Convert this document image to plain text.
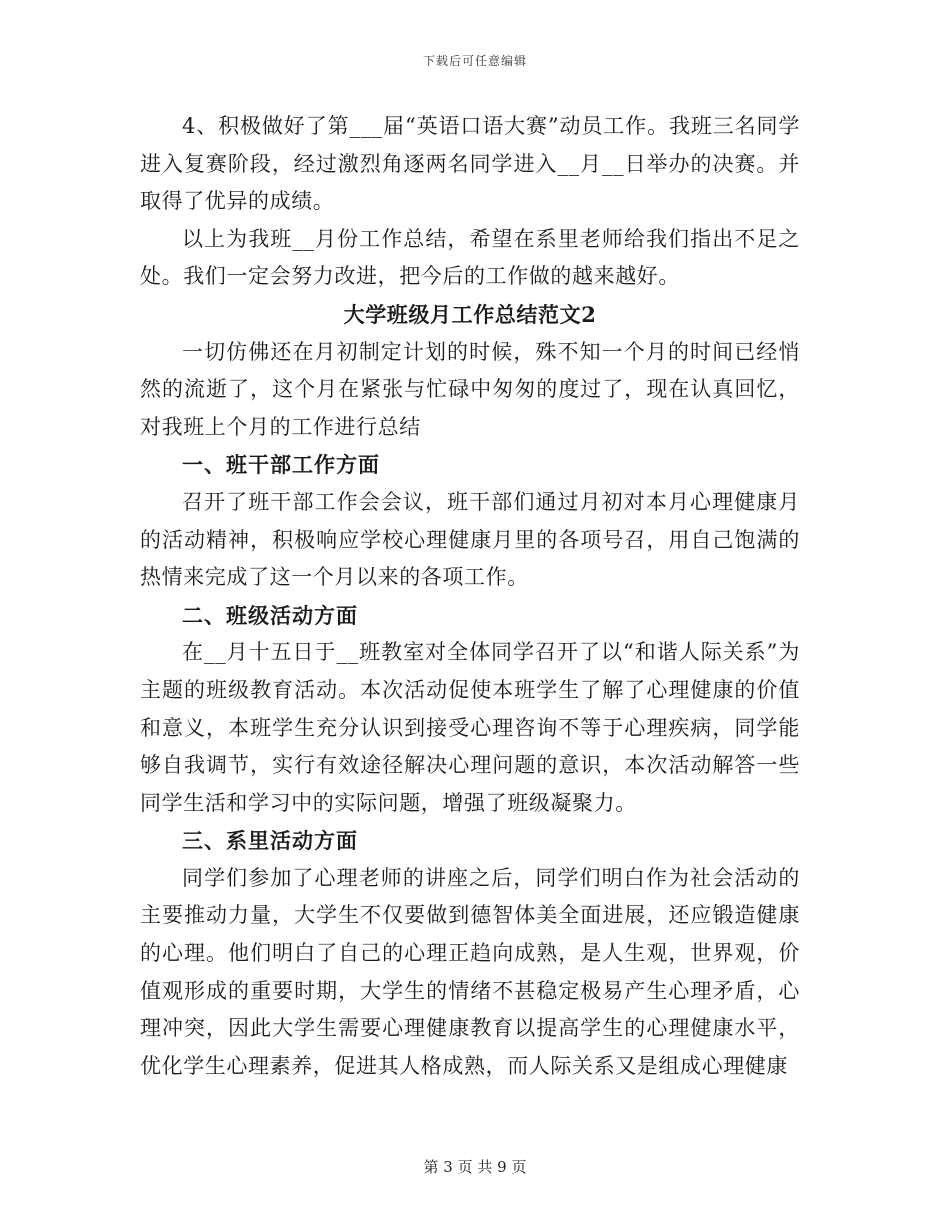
下载后可任意编辑

4、积极做好了第___届“英语口语大赛”动员工作。我班三名同学进入复赛阶段，经过激烈角逐两名同学进入__月__日举办的决赛。并取得了优异的成绩。

以上为我班__月份工作总结，希望在系里老师给我们指出不足之处。我们一定会努力改进，把今后的工作做的越来越好。

大学班级月工作总结范文2

一切仿佛还在月初制定计划的时候，殊不知一个月的时间已经悄然的流逝了，这个月在紧张与忙碌中匆匆的度过了，现在认真回忆，对我班上个月的工作进行总结

一、班干部工作方面

召开了班干部工作会会议，班干部们通过月初对本月心理健康月的活动精神，积极响应学校心理健康月里的各项号召，用自己饱满的热情来完成了这一个月以来的各项工作。

二、班级活动方面

在__月十五日于__班教室对全体同学召开了以“和谐人际关系”为主题的班级教育活动。本次活动促使本班学生了解了心理健康的价值和意义，本班学生充分认识到接受心理咨询不等于心理疾病，同学能够自我调节，实行有效途径解决心理问题的意识，本次活动解答一些同学生活和学习中的实际问题，增强了班级凝聚力。

三、系里活动方面

同学们参加了心理老师的讲座之后，同学们明白作为社会活动的主要推动力量，大学生不仅要做到德智体美全面进展，还应锻造健康的心理。他们明白了自己的心理正趋向成熟，是人生观，世界观，价值观形成的重要时期，大学生的情绪不甚稳定极易产生心理矛盾，心理冲突，因此大学生需要心理健康教育以提高学生的心理健康水平，优化学生心理素养，促进其人格成熟，而人际关系又是组成心理健康

第 3 页 共 9 页
